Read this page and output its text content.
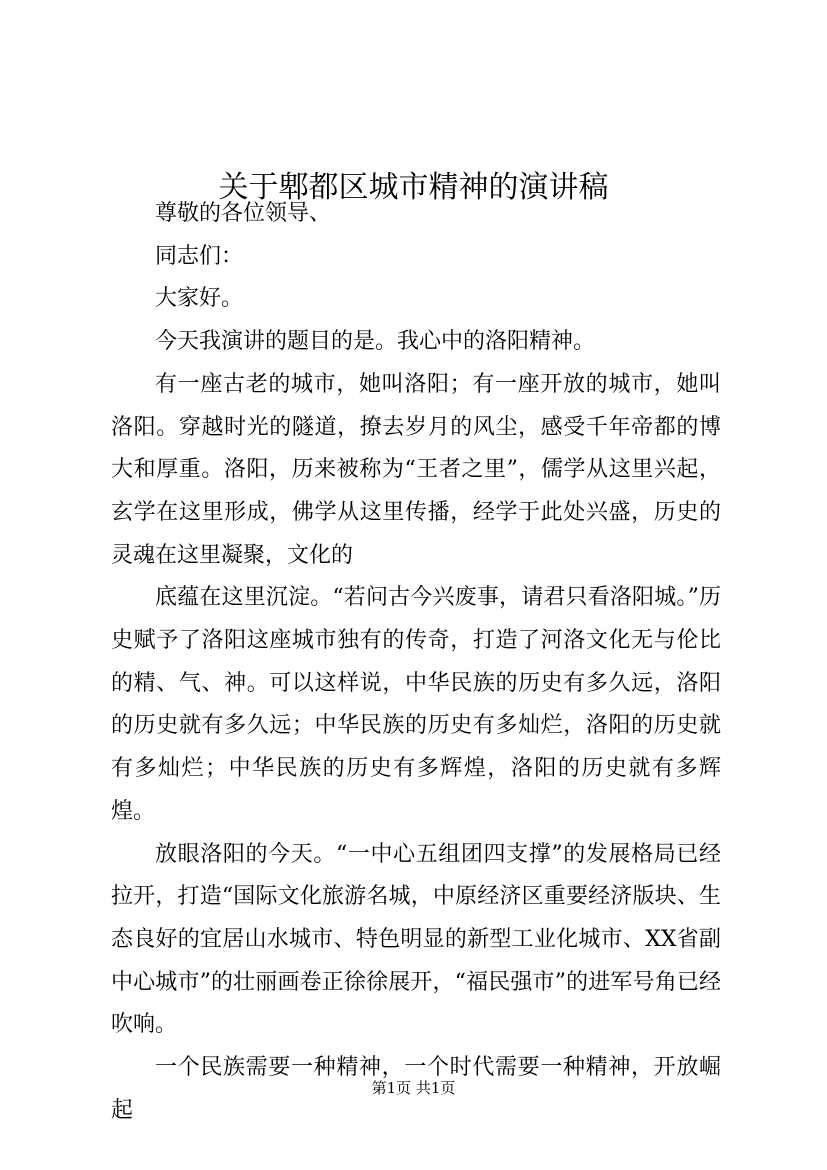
关于郫都区城市精神的演讲稿

尊敬的各位领导、

同志们：

大家好。

今天我演讲的题目的是。我心中的洛阳精神。

有一座古老的城市，她叫洛阳；有一座开放的城市，她叫洛阳。穿越时光的隧道，撩去岁月的风尘，感受千年帝都的博大和厚重。洛阳，历来被称为“王者之里”，儒学从这里兴起，玄学在这里形成，佛学从这里传播，经学于此处兴盛，历史的灵魂在这里凝聚，文化的

底蕴在这里沉淀。“若问古今兴废事，请君只看洛阳城。”历史赋予了洛阳这座城市独有的传奇，打造了河洛文化无与伦比的精、气、神。可以这样说，中华民族的历史有多久远，洛阳的历史就有多久远；中华民族的历史有多灿烂，洛阳的历史就有多灿烂；中华民族的历史有多辉煌，洛阳的历史就有多辉煌。

放眼洛阳的今天。“一中心五组团四支撑”的发展格局已经拉开，打造“国际文化旅游名城，中原经济区重要经济版块、生态良好的宜居山水城市、特色明显的新型工业化城市、XX省副中心城市”的壮丽画卷正徐徐展开，“福民强市”的进军号角已经吹响。

一个民族需要一种精神，一个时代需要一种精神，开放崛起

第1页 共1页
